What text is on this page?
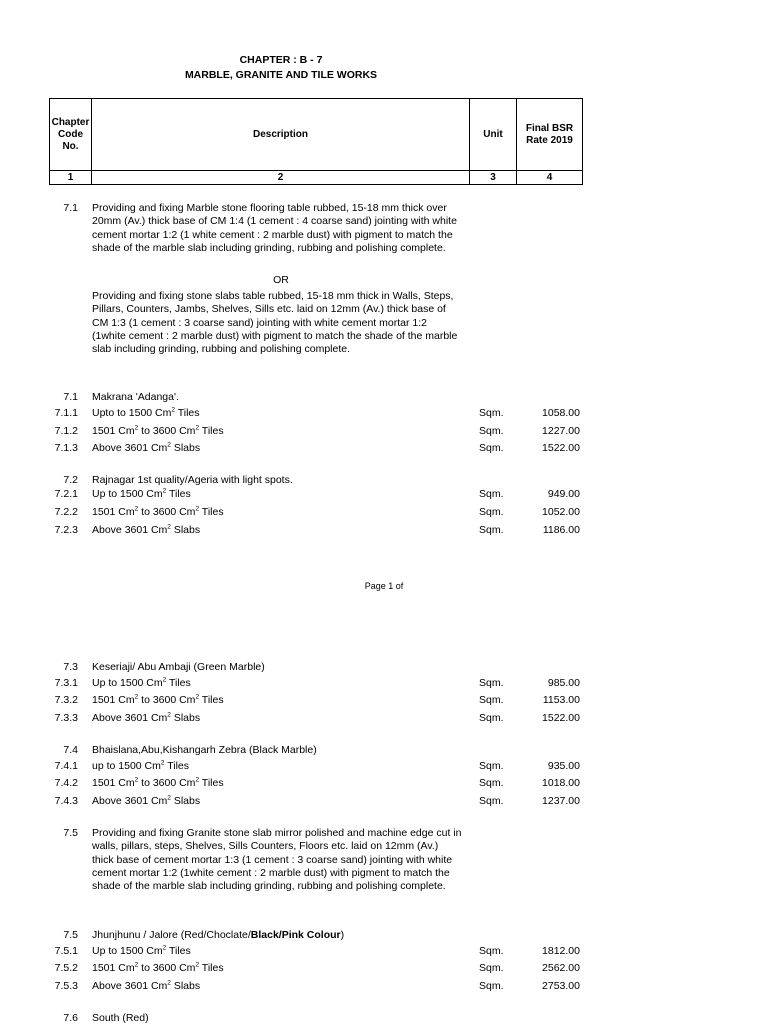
CHAPTER : B - 7
MARBLE, GRANITE AND TILE WORKS
Chapter Code No.	Description	Unit	Final BSR Rate 2019
1	2	3	4
7.1 Providing and fixing Marble stone flooring table rubbed, 15-18 mm thick over 20mm (Av.) thick base of CM 1:4 (1 cement : 4 coarse sand) jointing with white cement mortar 1:2 (1 white cement : 2 marble dust) with pigment to match the shade of the marble slab including grinding, rubbing and polishing complete.
OR
Providing and fixing stone slabs table rubbed, 15-18 mm thick in Walls, Steps, Pillars, Counters, Jambs, Shelves, Sills etc. laid on 12mm (Av.) thick base of CM 1:3 (1 cement : 3 coarse sand) jointing with white cement mortar 1:2 (1white cement : 2 marble dust) with pigment to match the shade of the marble slab including grinding, rubbing and polishing complete.
7.1 Makrana 'Adanga'.
7.1.1 Upto to 1500 Cm$^2$ Tiles	Sqm.	1058.00
7.1.2 1501 Cm$^2$ to 3600 Cm$^2$ Tiles	Sqm.	1227.00
7.1.3 Above 3601 Cm$^2$ Slabs	Sqm.	1522.00
7.2 Rajnagar 1st quality/Ageria with light spots.
7.2.1 Up to 1500 Cm$^2$ Tiles	Sqm.	949.00
7.2.2 1501 Cm$^2$ to 3600 Cm$^2$ Tiles	Sqm.	1052.00
7.2.3 Above 3601 Cm$^2$ Slabs	Sqm.	1186.00
Page 1 of
7.3 Keseriaji/ Abu Ambaji (Green Marble)
7.3.1 Up to 1500 Cm$^2$ Tiles	Sqm.	985.00
7.3.2 1501 Cm$^2$ to 3600 Cm$^2$ Tiles	Sqm.	1153.00
7.3.3 Above 3601 Cm$^2$ Slabs	Sqm.	1522.00
7.4 Bhaislana,Abu,Kishangarh Zebra (Black Marble)
7.4.1 up to 1500 Cm$^2$ Tiles	Sqm.	935.00
7.4.2 1501 Cm$^2$ to 3600 Cm$^2$ Tiles	Sqm.	1018.00
7.4.3 Above 3601 Cm$^2$ Slabs	Sqm.	1237.00
7.5 Providing and fixing Granite stone slab mirror polished and machine edge cut in walls, pillars, steps, Shelves, Sills Counters, Floors etc. laid on 12mm (Av.) thick base of cement mortar 1:3 (1 cement : 3 coarse sand) jointing with white cement mortar 1:2 (1white cement : 2 marble dust) with pigment to match the shade of the marble slab including grinding, rubbing and polishing complete.
7.5 Jhunjhunu / Jalore (Red/Choclate/Black/Pink Colour)
7.5.1 Up to 1500 Cm$^2$ Tiles	Sqm.	1812.00
7.5.2 1501 Cm$^2$ to 3600 Cm$^2$ Tiles	Sqm.	2562.00
7.5.3 Above 3601 Cm$^2$ Slabs	Sqm.	2753.00
7.6 South (Red)
